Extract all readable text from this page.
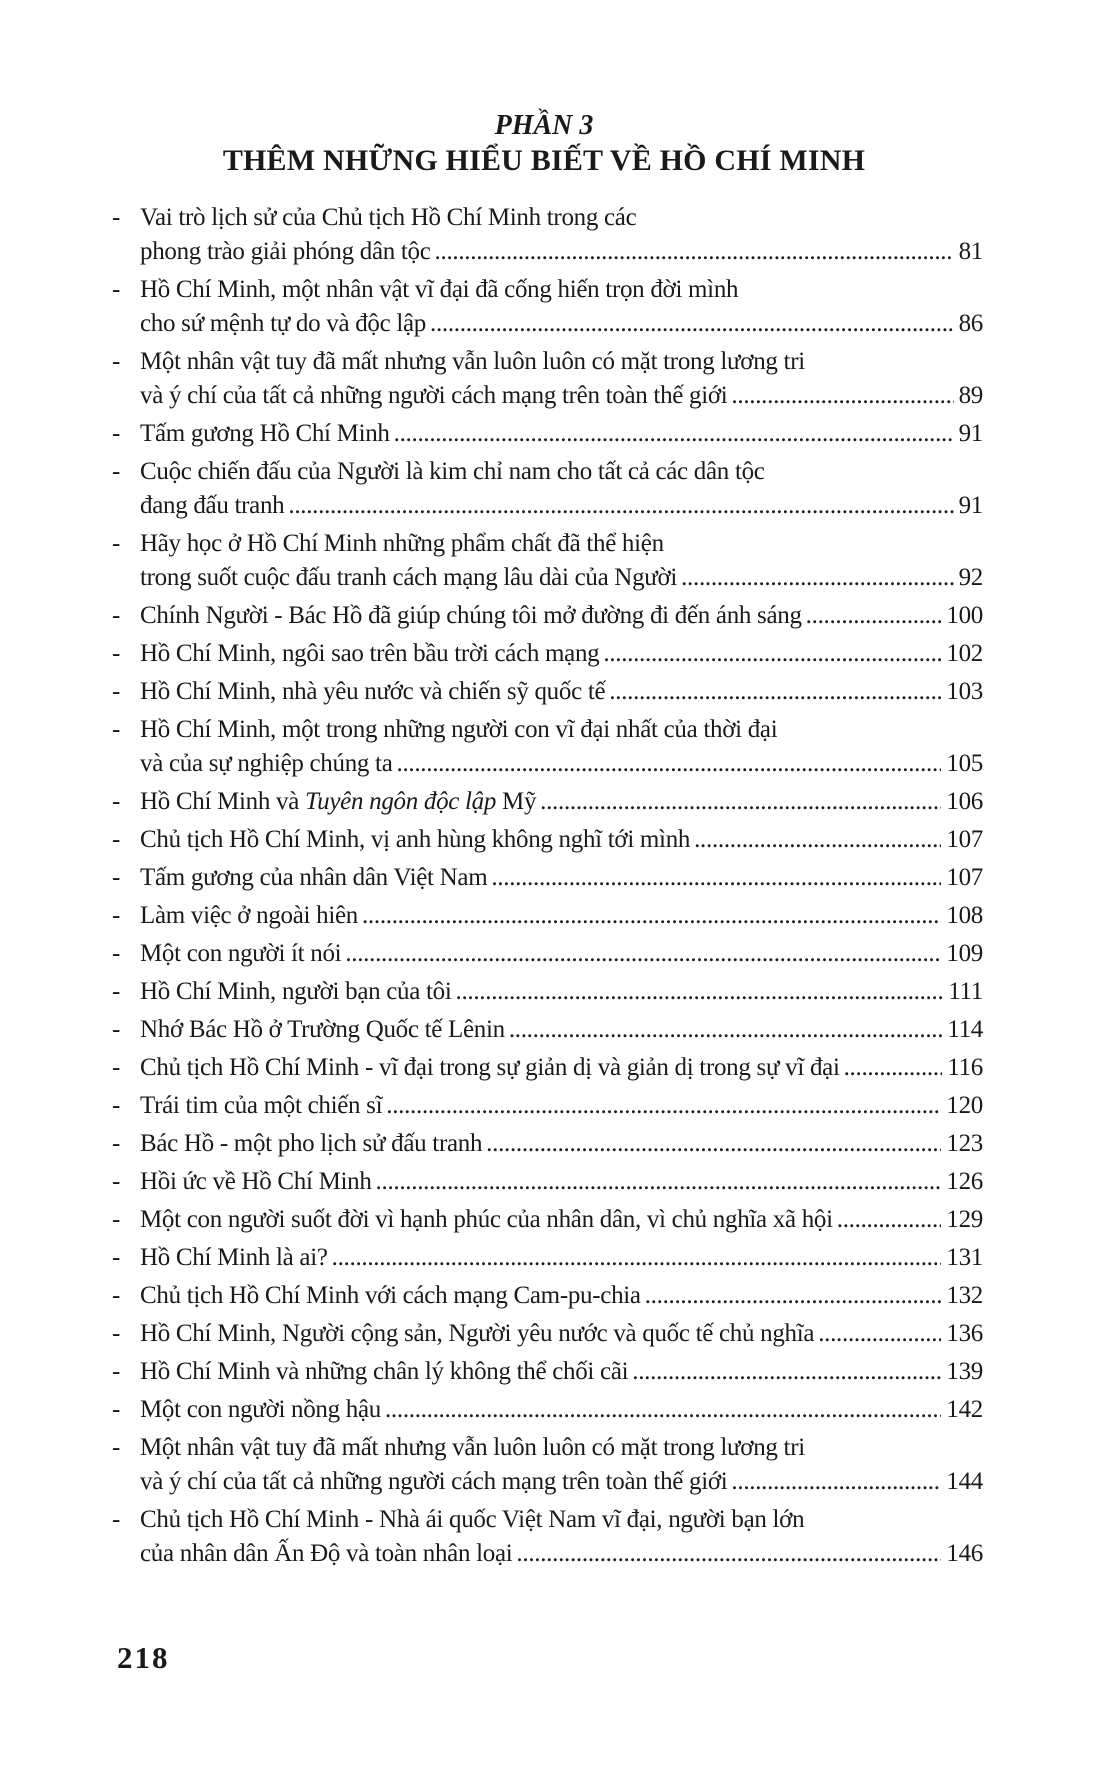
PHẦN 3
THÊM NHỮNG HIỂU BIẾT VỀ HỒ CHÍ MINH
- Vai trò lịch sử của Chủ tịch Hồ Chí Minh trong các
phong trào giải phóng dân tộc .....	81
- Hồ Chí Minh, một nhân vật vĩ đại đã cống hiến trọn đời mình
cho sứ mệnh tự do và độc lập .....	86
- Một nhân vật tuy đã mất nhưng vẫn luôn luôn có mặt trong lương tri
và ý chí của tất cả những người cách mạng trên toàn thế giới .....	89
- Tấm gương Hồ Chí Minh .....	91
- Cuộc chiến đấu của Người là kim chỉ nam cho tất cả các dân tộc
đang đấu tranh .....	91
- Hãy học ở Hồ Chí Minh những phẩm chất đã thể hiện
trong suốt cuộc đấu tranh cách mạng lâu dài của Người .....	92
- Chính Người - Bác Hồ đã giúp chúng tôi mở đường đi đến ánh sáng .....	100
- Hồ Chí Minh, ngôi sao trên bầu trời cách mạng .....	102
- Hồ Chí Minh, nhà yêu nước và chiến sỹ quốc tế .....	103
- Hồ Chí Minh, một trong những người con vĩ đại nhất của thời đại
và của sự nghiệp chúng ta .....	105
- Hồ Chí Minh và Tuyên ngôn độc lập Mỹ .....	106
- Chủ tịch Hồ Chí Minh, vị anh hùng không nghĩ tới mình .....	107
- Tấm gương của nhân dân Việt Nam .....	107
- Làm việc ở ngoài hiên .....	108
- Một con người ít nói .....	109
- Hồ Chí Minh, người bạn của tôi .....	111
- Nhớ Bác Hồ ở Trường Quốc tế Lênin .....	114
- Chủ tịch Hồ Chí Minh - vĩ đại trong sự giản dị và giản dị trong sự vĩ đại .....	116
- Trái tim của một chiến sĩ .....	120
- Bác Hồ - một pho lịch sử đấu tranh .....	123
- Hồi ức về Hồ Chí Minh .....	126
- Một con người suốt đời vì hạnh phúc của nhân dân, vì chủ nghĩa xã hội .....	129
- Hồ Chí Minh là ai? .....	131
- Chủ tịch Hồ Chí Minh với cách mạng Cam-pu-chia .....	132
- Hồ Chí Minh, Người cộng sản, Người yêu nước và quốc tế chủ nghĩa .....	136
- Hồ Chí Minh và những chân lý không thể chối cãi .....	139
- Một con người nồng hậu .....	142
- Một nhân vật tuy đã mất nhưng vẫn luôn luôn có mặt trong lương tri
và ý chí của tất cả những người cách mạng trên toàn thế giới .....	144
- Chủ tịch Hồ Chí Minh - Nhà ái quốc Việt Nam vĩ đại, người bạn lớn
của nhân dân Ấn Độ và toàn nhân loại .....	146
218
